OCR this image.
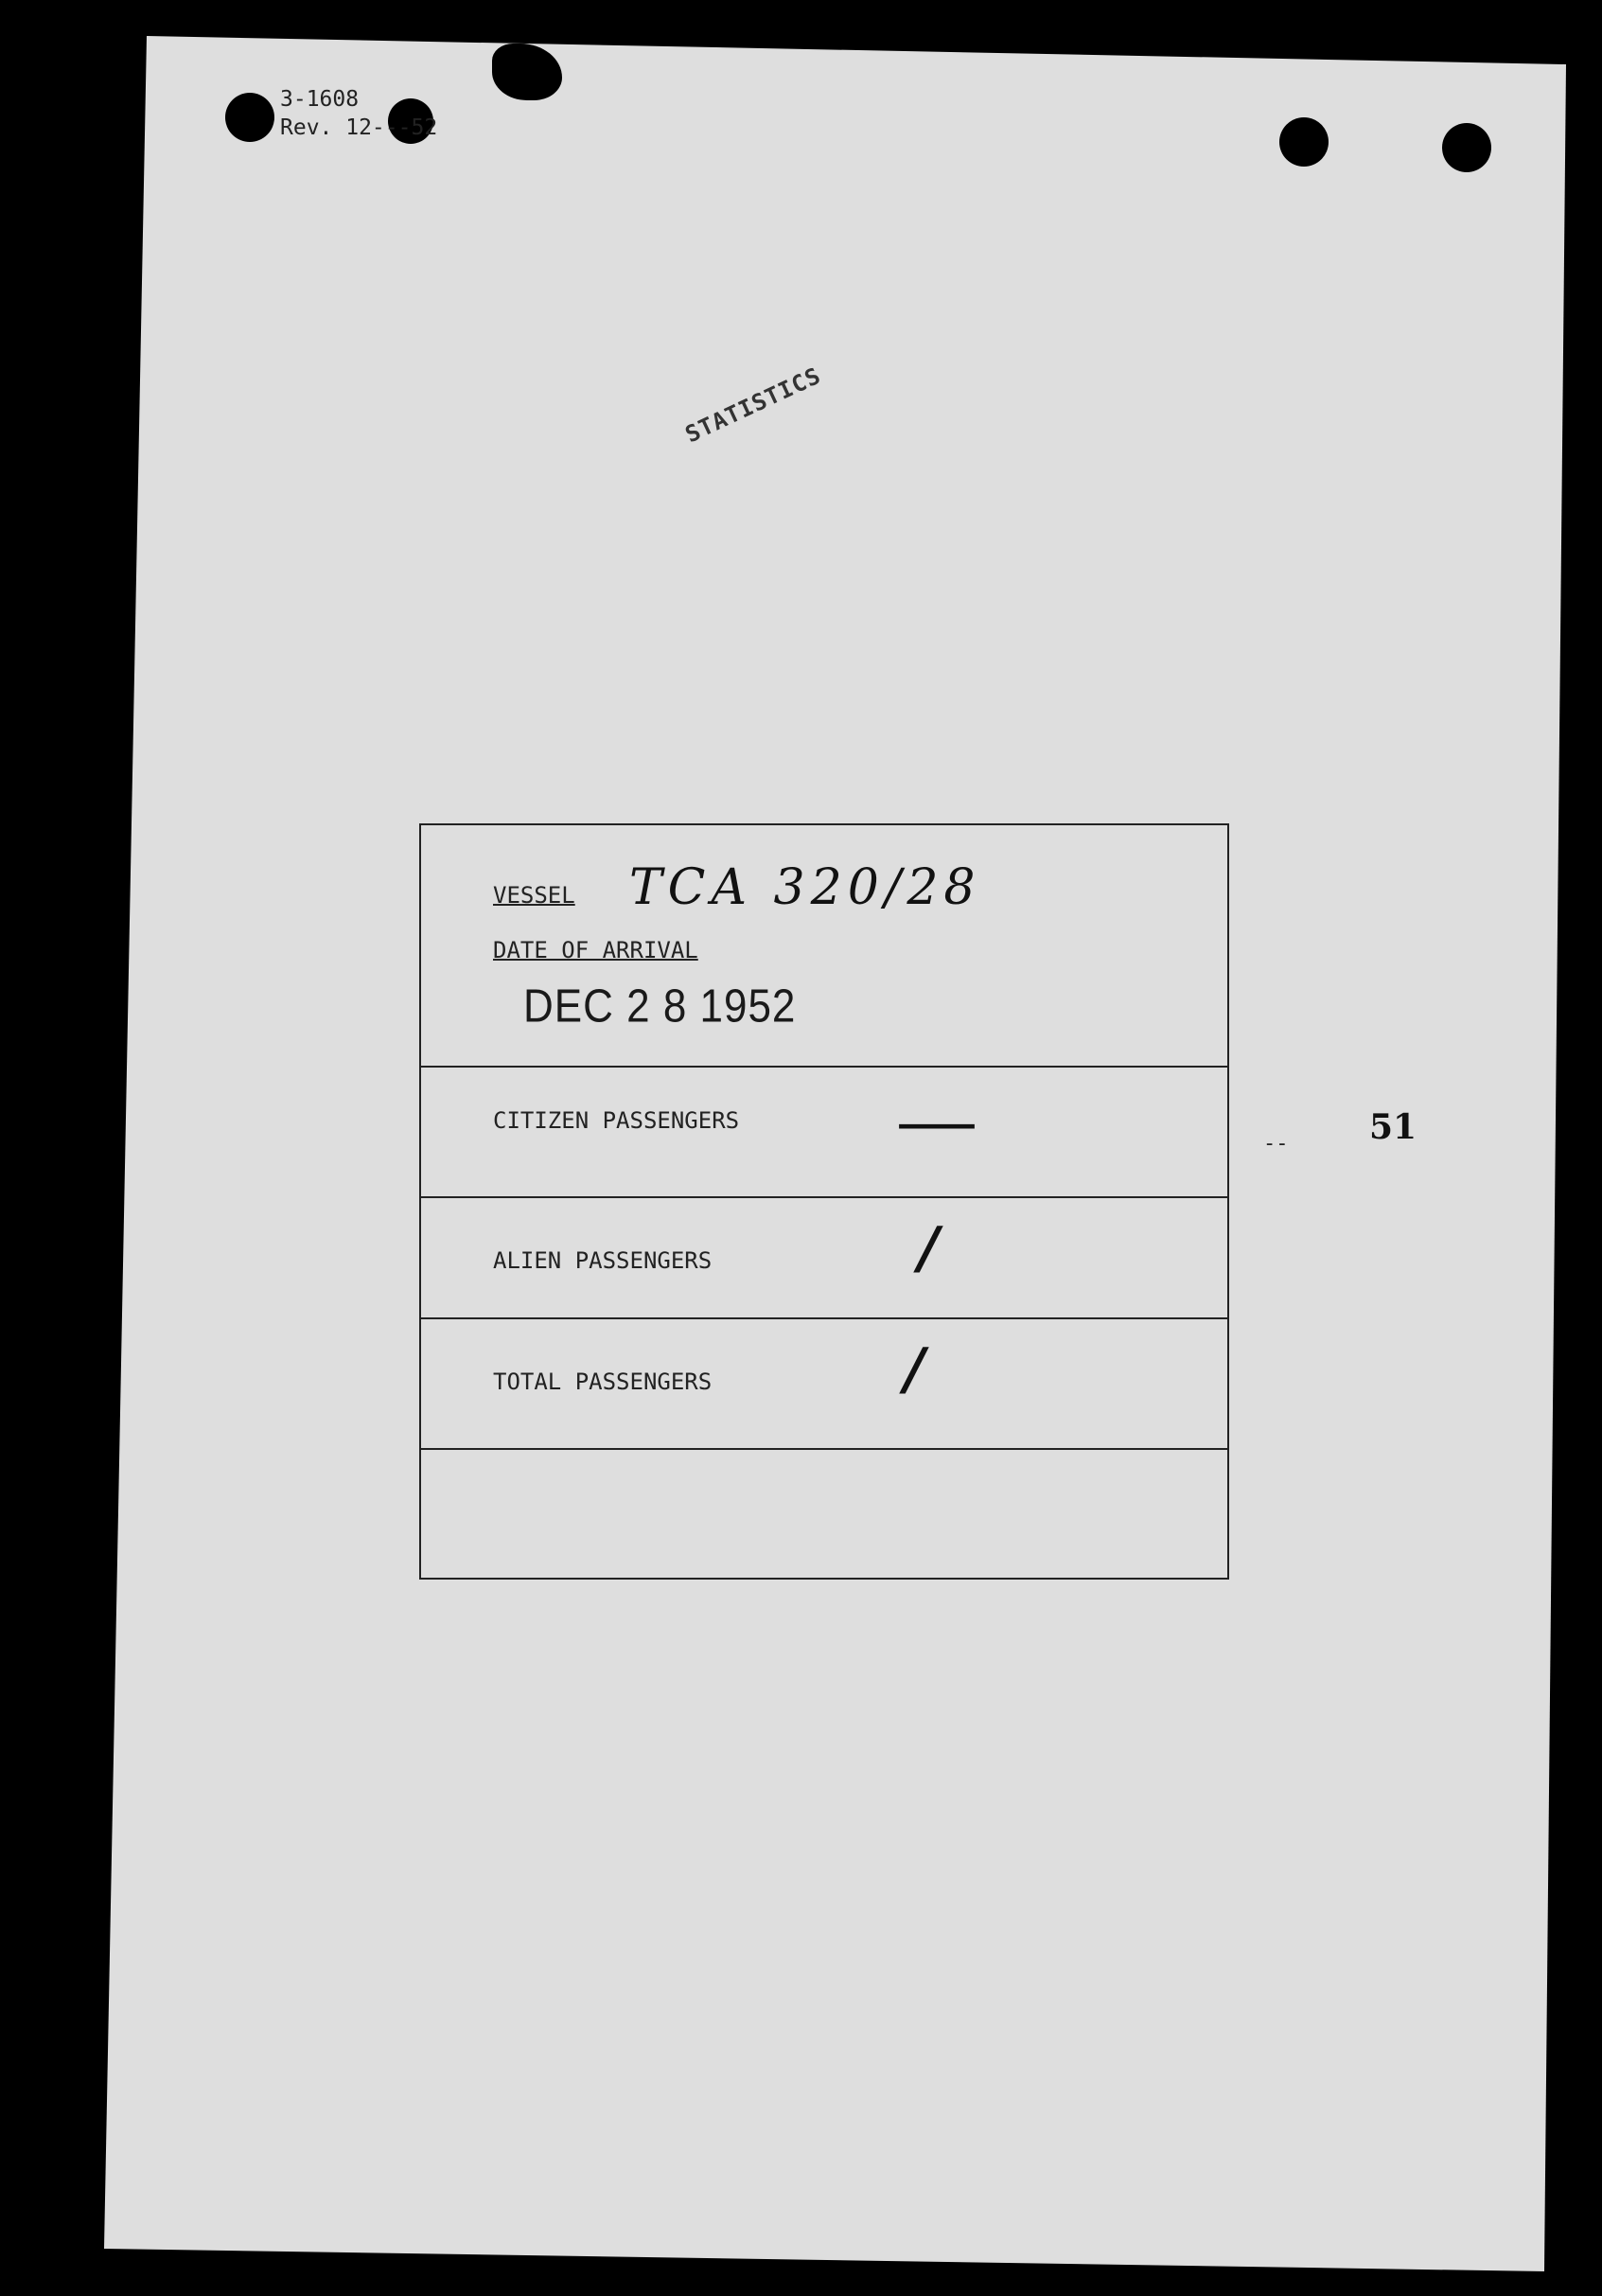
3-1608
Rev. 12-‑-52
STATISTICS
VESSEL TCA 320/28
DATE OF ARRIVAL
DEC 2 8 1952
CITIZEN PASSENGERS —
ALIEN PASSENGERS	/
TOTAL PASSENGERS	/
-- 51
